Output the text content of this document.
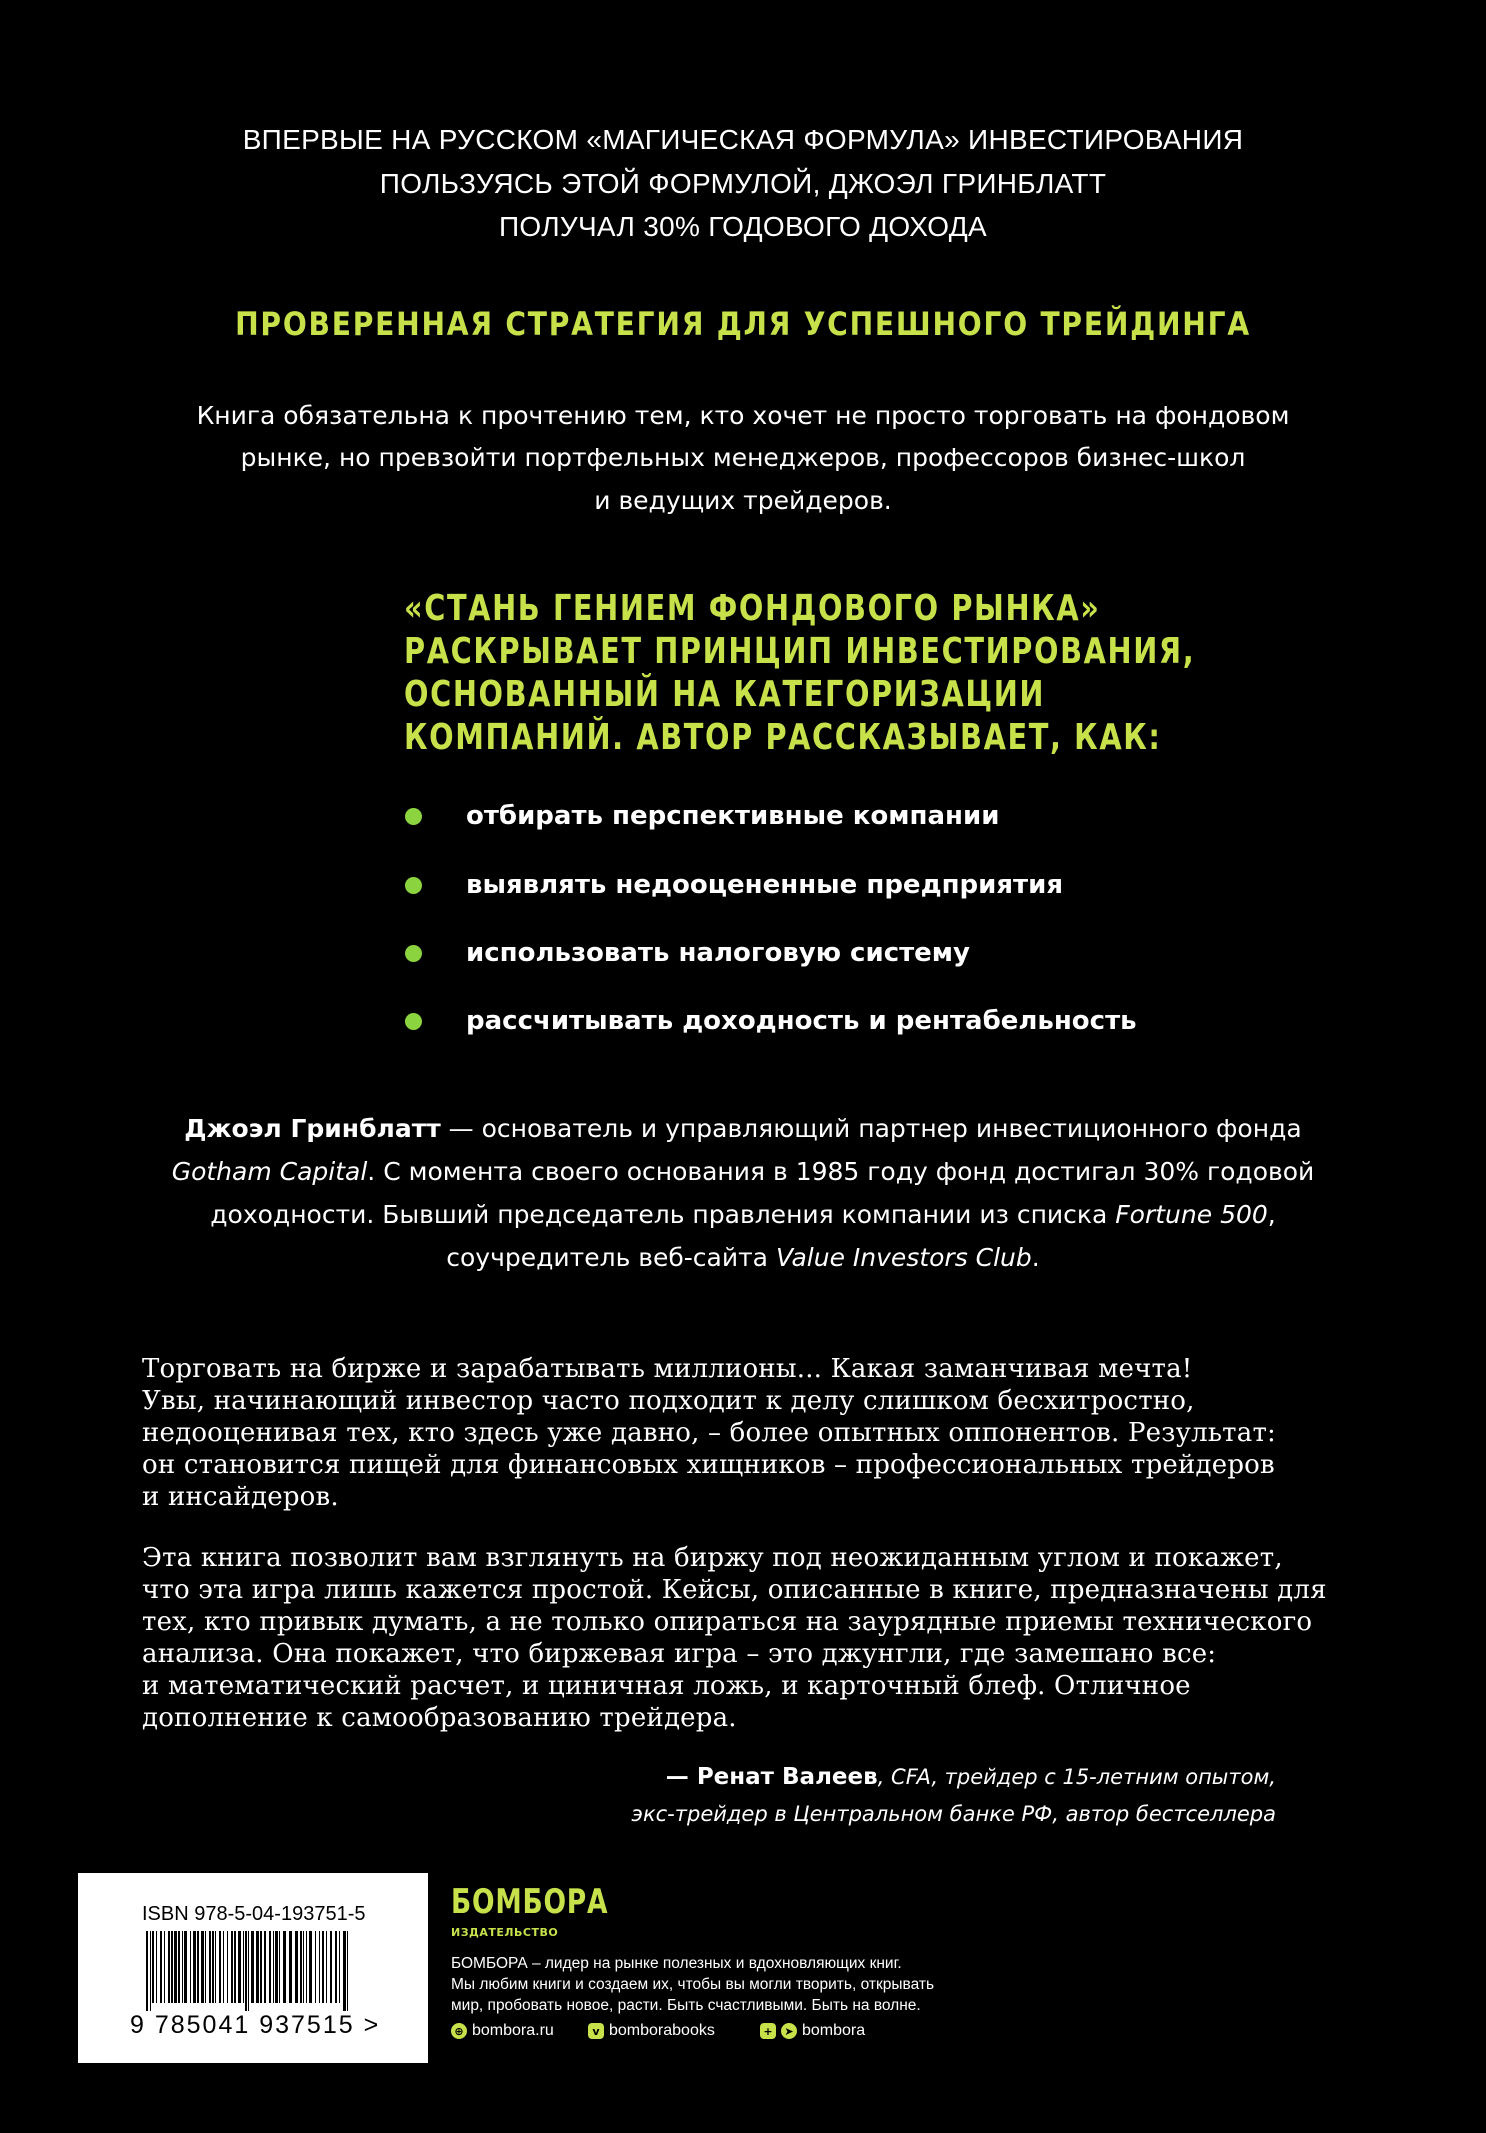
ВПЕРВЫЕ НА РУССКОМ «МАГИЧЕСКАЯ ФОРМУЛА» ИНВЕСТИРОВАНИЯ
ПОЛЬЗУЯСЬ ЭТОЙ ФОРМУЛОЙ, ДЖОЭЛ ГРИНБЛАТТ
ПОЛУЧАЛ 30% ГОДОВОГО ДОХОДА
ПРОВЕРЕННАЯ СТРАТЕГИЯ ДЛЯ УСПЕШНОГО ТРЕЙДИНГА
Книга обязательна к прочтению тем, кто хочет не просто торговать на фондовом
рынке, но превзойти портфельных менеджеров, профессоров бизнес-школ
и ведущих трейдеров.
«СТАНЬ ГЕНИЕМ ФОНДОВОГО РЫНКА»
РАСКРЫВАЕТ ПРИНЦИП ИНВЕСТИРОВАНИЯ,
ОСНОВАННЫЙ НА КАТЕГОРИЗАЦИИ
КОМПАНИЙ. АВТОР РАССКАЗЫВАЕТ, КАК:
отбирать перспективные компании
выявлять недооцененные предприятия
использовать налоговую систему
рассчитывать доходность и рентабельность
Джоэл Гринблатт — основатель и управляющий партнер инвестиционного фонда
Gotham Capital. С момента своего основания в 1985 году фонд достигал 30% годовой
доходности. Бывший председатель правления компании из списка Fortune 500,
соучредитель веб-сайта Value Investors Club.
Торговать на бирже и зарабатывать миллионы... Какая заманчивая мечта!
Увы, начинающий инвестор часто подходит к делу слишком бесхитростно,
недооценивая тех, кто здесь уже давно, – более опытных оппонентов. Результат:
он становится пищей для финансовых хищников – профессиональных трейдеров
и инсайдеров.
Эта книга позволит вам взглянуть на биржу под неожиданным углом и покажет,
что эта игра лишь кажется простой. Кейсы, описанные в книге, предназначены для
тех, кто привык думать, а не только опираться на заурядные приемы технического
анализа. Она покажет, что биржевая игра – это джунгли, где замешано все:
и математический расчет, и циничная ложь, и карточный блеф. Отличное
дополнение к самообразованию трейдера.
— Ренат Валеев, CFA, трейдер с 15-летним опытом,
экс-трейдер в Центральном банке РФ, автор бестселлера
ISBN 978-5-04-193751-5
9 785041 937515 >
БОМБОРА
ИЗДАТЕЛЬСТВО
БОМБОРА – лидер на рынке полезных и вдохновляющих книг.
Мы любим книги и создаем их, чтобы вы могли творить, открывать
мир, пробовать новое, расти. Быть счастливыми. Быть на волне.
⊕ bombora.ru	v bomborabooks	+	➤ bombora
